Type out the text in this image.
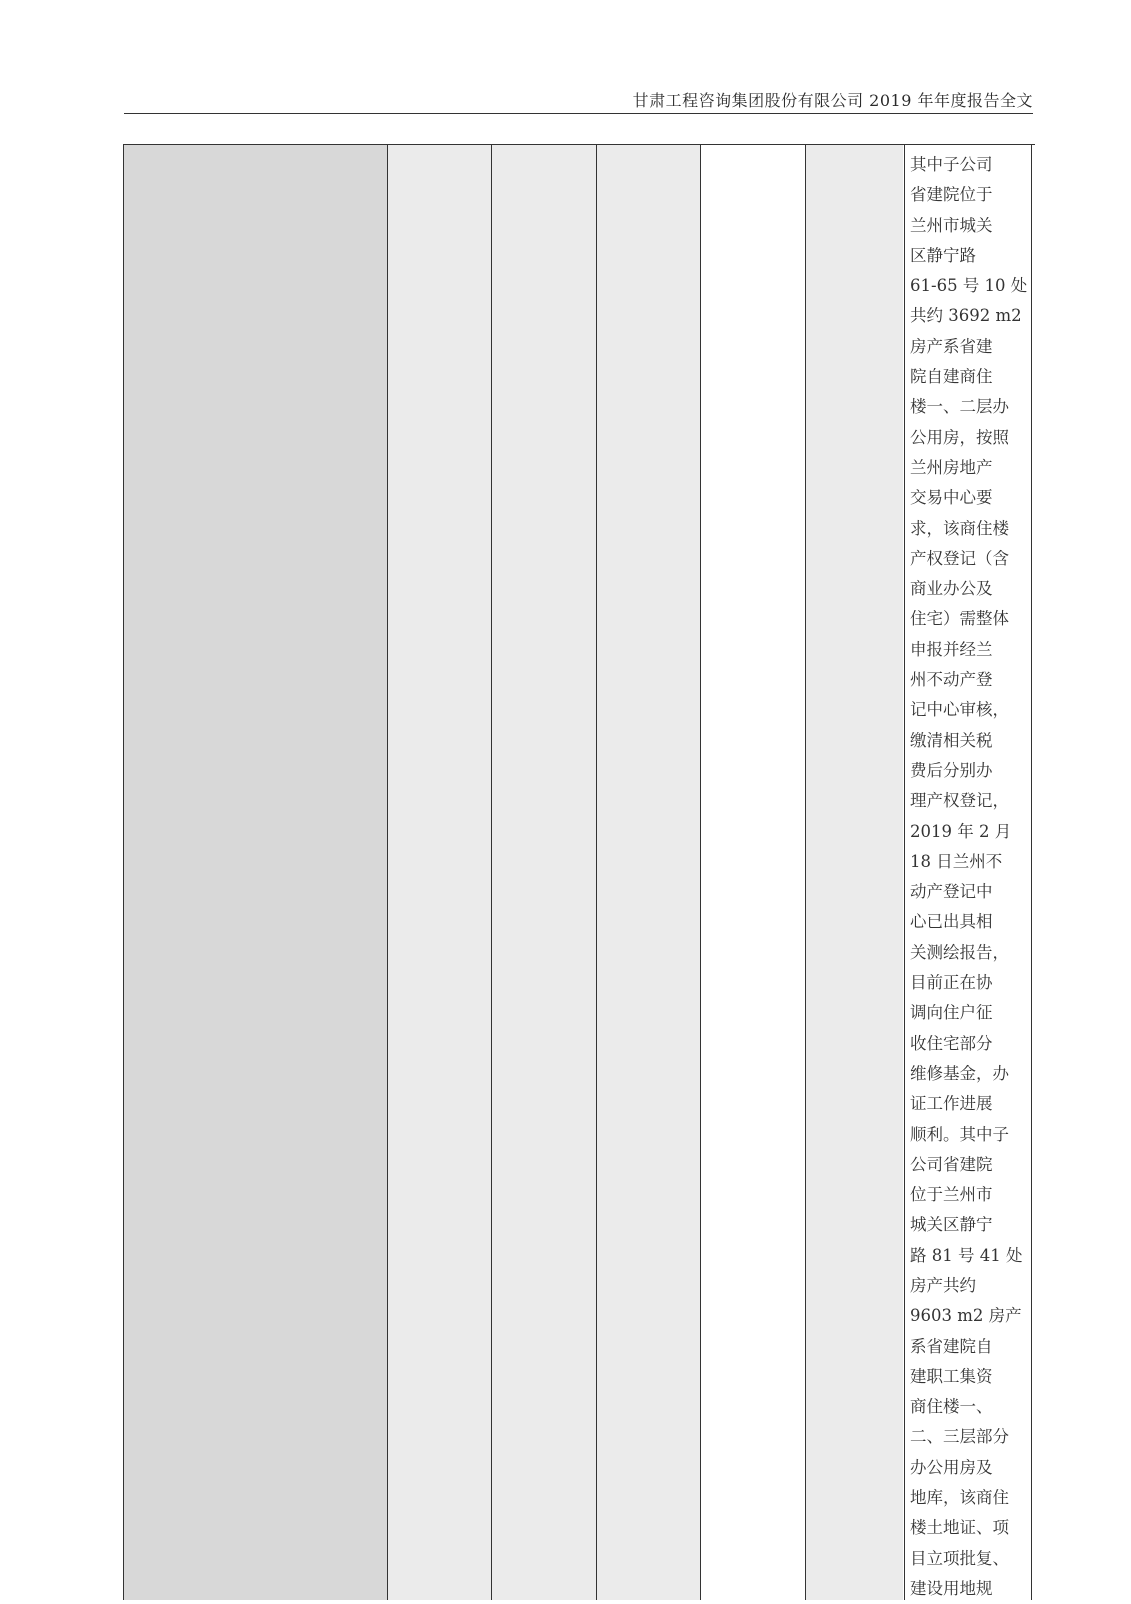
甘肃工程咨询集团股份有限公司 2019 年年度报告全文
其中子公司
省建院位于
兰州市城关
区静宁路
61-65 号 10 处
共约 3692 m2
房产系省建
院自建商住
楼一、二层办
公用房，按照
兰州房地产
交易中心要
求，该商住楼
产权登记（含
商业办公及
住宅）需整体
申报并经兰
州不动产登
记中心审核，
缴清相关税
费后分别办
理产权登记，
2019 年 2 月
18 日兰州不
动产登记中
心已出具相
关测绘报告，
目前正在协
调向住户征
收住宅部分
维修基金，办
证工作进展
顺利。其中子
公司省建院
位于兰州市
城关区静宁
路 81 号 41 处
房产共约
9603 m2 房产
系省建院自
建职工集资
商住楼一、
二、三层部分
办公用房及
地库，该商住
楼土地证、项
目立项批复、
建设用地规
